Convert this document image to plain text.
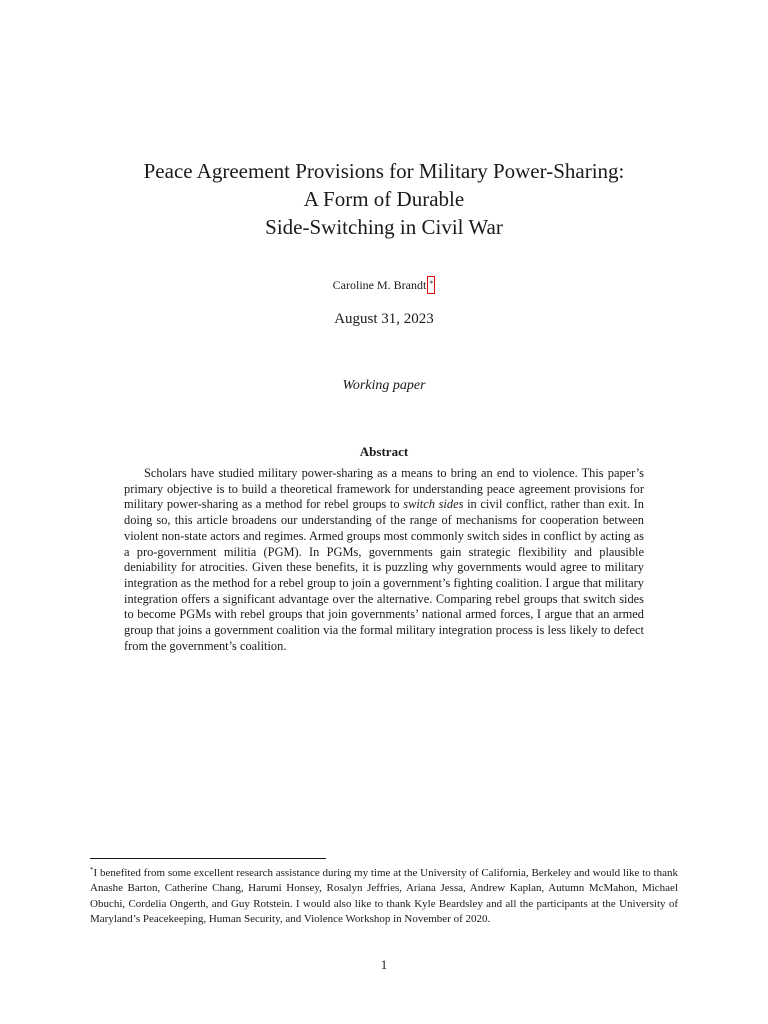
Peace Agreement Provisions for Military Power-Sharing:
A Form of Durable
Side-Switching in Civil War
Caroline M. Brandt *
August 31, 2023
Working paper
Abstract
Scholars have studied military power-sharing as a means to bring an end to violence. This paper’s primary objective is to build a theoretical framework for understanding peace agreement provisions for military power-sharing as a method for rebel groups to switch sides in civil conflict, rather than exit. In doing so, this article broadens our understanding of the range of mechanisms for cooperation between violent non-state actors and regimes. Armed groups most commonly switch sides in conflict by acting as a pro-government militia (PGM). In PGMs, governments gain strategic flexibility and plausible deniability for atrocities. Given these benefits, it is puzzling why governments would agree to military integration as the method for a rebel group to join a government’s fighting coalition. I argue that military integration offers a significant advantage over the alternative. Comparing rebel groups that switch sides to become PGMs with rebel groups that join governments’ national armed forces, I argue that an armed group that joins a government coalition via the formal military integration process is less likely to defect from the government’s coalition.
*I benefited from some excellent research assistance during my time at the University of California, Berkeley and would like to thank Anashe Barton, Catherine Chang, Harumi Honsey, Rosalyn Jeffries, Ariana Jessa, Andrew Kaplan, Autumn McMahon, Michael Obuchi, Cordelia Ongerth, and Guy Rotstein. I would also like to thank Kyle Beardsley and all the participants at the University of Maryland’s Peacekeeping, Human Security, and Violence Workshop in November of 2020.
1
